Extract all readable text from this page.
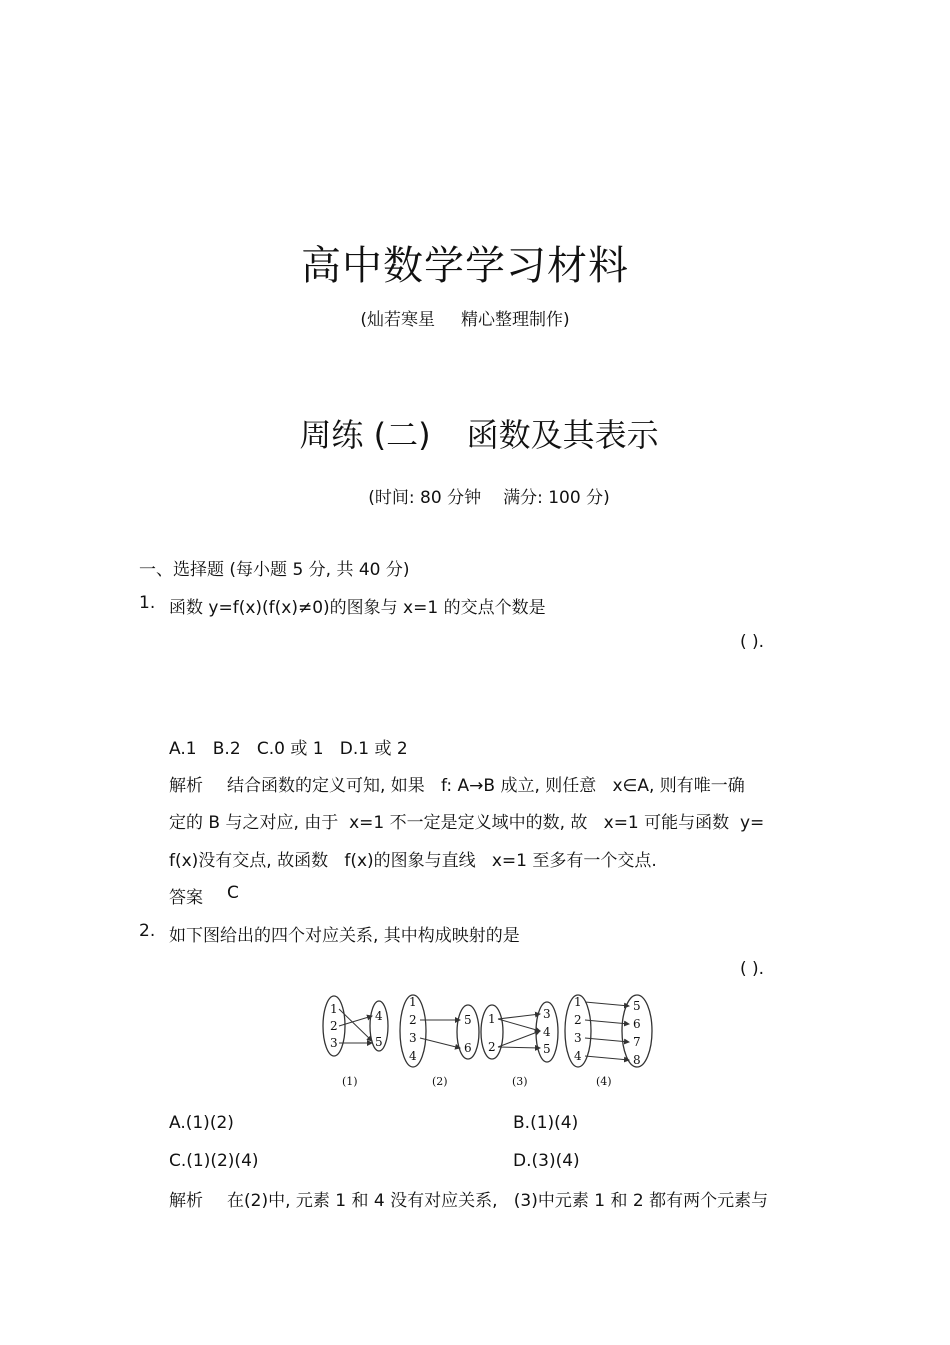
高中数学学习材料
(灿若寒星 精心整理制作)
周练 (二) 函数及其表示
(时间: 80 分钟 满分: 100 分)
一、选择题 (每小题 5 分, 共 40 分)
1. 函数 y=f(x)(f(x)≠0)的图象与 x=1 的交点个数是
( ).
A.1   B.2   C.0 或 1   D.1 或 2
解析 结合函数的定义可知, 如果   f: A→B 成立, 则任意   x∈A, 则有唯一确
定的 B 与之对应, 由于  x=1 不一定是定义域中的数, 故   x=1 可能与函数  y=
f(x)没有交点, 故函数   f(x)的图象与直线   x=1 至多有一个交点.
答案 C
2. 如下图给出的四个对应关系, 其中构成映射的是
( ).
1
2
3
4
5
(1)
1
2
3
4
5
6
(2)
1
2
3
4
5
(3)
1
2
3
4
5
6
7
8
(4)
A.(1)(2)	B.(1)(4)
C.(1)(2)(4)	D.(3)(4)
解析 在(2)中, 元素 1 和 4 没有对应关系,   (3)中元素 1 和 2 都有两个元素与
